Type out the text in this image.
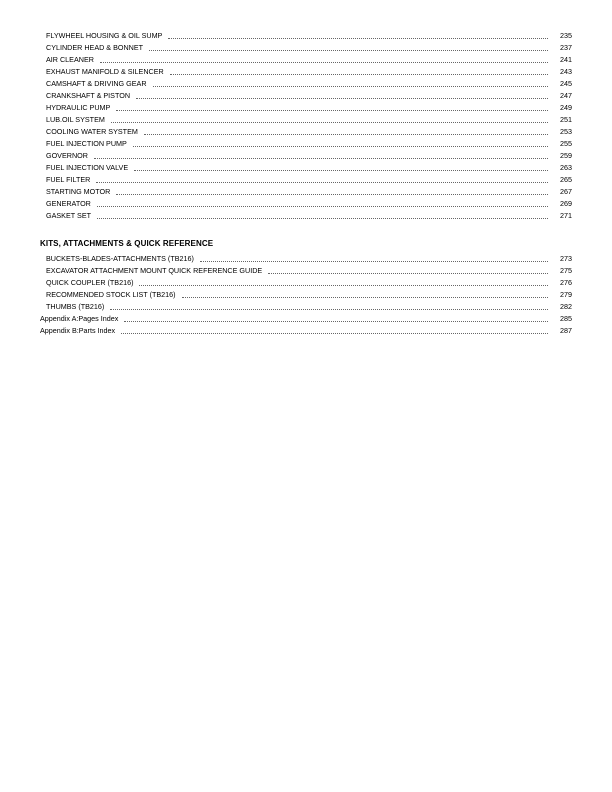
FLYWHEEL HOUSING & OIL SUMP	235
CYLINDER HEAD & BONNET	237
AIR CLEANER	241
EXHAUST MANIFOLD & SILENCER	243
CAMSHAFT & DRIVING GEAR	245
CRANKSHAFT & PISTON	247
HYDRAULIC PUMP	249
LUB.OIL SYSTEM	251
COOLING WATER SYSTEM	253
FUEL INJECTION PUMP	255
GOVERNOR	259
FUEL INJECTION VALVE	263
FUEL FILTER	265
STARTING MOTOR	267
GENERATOR	269
GASKET SET	271
KITS, ATTACHMENTS & QUICK REFERENCE
BUCKETS-BLADES-ATTACHMENTS (TB216)	273
EXCAVATOR ATTACHMENT MOUNT QUICK REFERENCE GUIDE	275
QUICK COUPLER (TB216)	276
RECOMMENDED STOCK LIST (TB216)	279
THUMBS (TB216)	282
Appendix A:Pages Index	285
Appendix B:Parts Index	287
